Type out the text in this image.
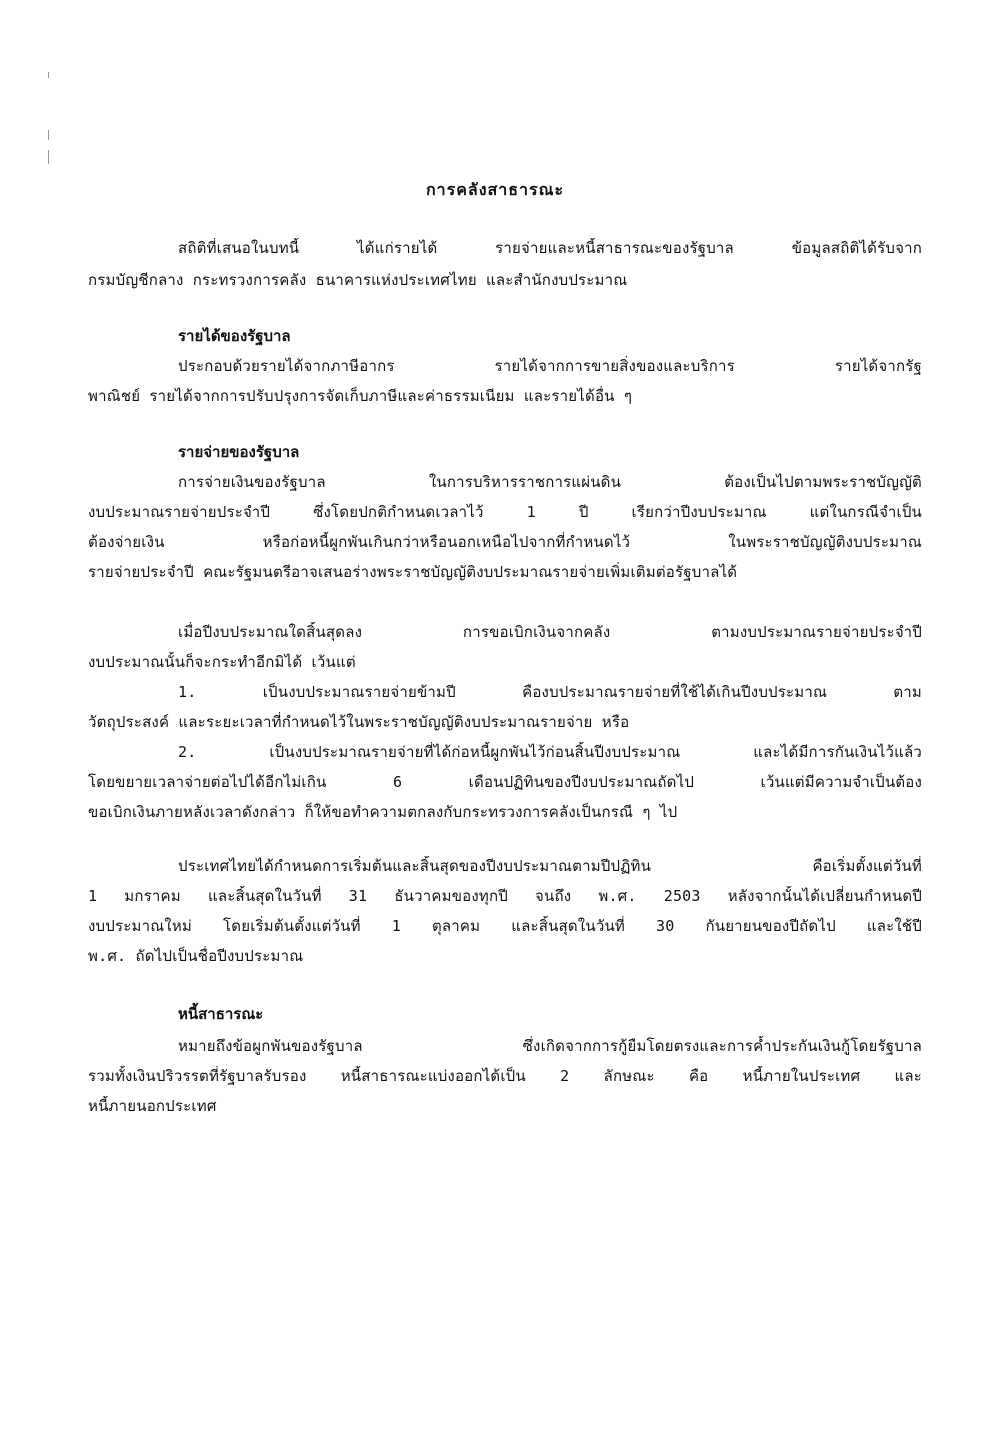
การคลังสาธารณะ
สถิติที่เสนอในบทนี้ ได้แก่รายได้ รายจ่ายและหนี้สาธารณะของรัฐบาล ข้อมูลสถิติได้รับจาก
กรมบัญชีกลาง กระทรวงการคลัง ธนาคารแห่งประเทศไทย และสำนักงบประมาณ
รายได้ของรัฐบาล
ประกอบด้วยรายได้จากภาษีอากร รายได้จากการขายสิ่งของและบริการ รายได้จากรัฐ
พาณิชย์ รายได้จากการปรับปรุงการจัดเก็บภาษีและค่าธรรมเนียม และรายได้อื่น ๆ
รายจ่ายของรัฐบาล
การจ่ายเงินของรัฐบาล ในการบริหารราชการแผ่นดิน ต้องเป็นไปตามพระราชบัญญัติ
งบประมาณรายจ่ายประจำปี ซึ่งโดยปกติกำหนดเวลาไว้ 1 ปี เรียกว่าปีงบประมาณ แต่ในกรณีจำเป็น
ต้องจ่ายเงิน หรือก่อหนี้ผูกพันเกินกว่าหรือนอกเหนือไปจากที่กำหนดไว้ ในพระราชบัญญัติงบประมาณ
รายจ่ายประจำปี คณะรัฐมนตรีอาจเสนอร่างพระราชบัญญัติงบประมาณรายจ่ายเพิ่มเติมต่อรัฐบาลได้
เมื่อปีงบประมาณใดสิ้นสุดลง การขอเบิกเงินจากคลัง ตามงบประมาณรายจ่ายประจำปี
งบประมาณนั้นก็จะกระทำอีกมิได้ เว้นแต่
1. เป็นงบประมาณรายจ่ายข้ามปี คืองบประมาณรายจ่ายที่ใช้ได้เกินปีงบประมาณ ตาม
วัตถุประสงค์ และระยะเวลาที่กำหนดไว้ในพระราชบัญญัติงบประมาณรายจ่าย หรือ
2. เป็นงบประมาณรายจ่ายที่ได้ก่อหนี้ผูกพันไว้ก่อนสิ้นปีงบประมาณ และได้มีการกันเงินไว้แล้ว
โดยขยายเวลาจ่ายต่อไปได้อีกไม่เกิน 6 เดือนปฏิทินของปีงบประมาณถัดไป เว้นแต่มีความจำเป็นต้อง
ขอเบิกเงินภายหลังเวลาดังกล่าว ก็ให้ขอทำความตกลงกับกระทรวงการคลังเป็นกรณี ๆ ไป
ประเทศไทยได้กำหนดการเริ่มต้นและสิ้นสุดของปีงบประมาณตามปีปฏิทิน คือเริ่มตั้งแต่วันที่
1 มกราคม และสิ้นสุดในวันที่ 31 ธันวาคมของทุกปี จนถึง พ.ศ. 2503 หลังจากนั้นได้เปลี่ยนกำหนดปี
งบประมาณใหม่ โดยเริ่มต้นตั้งแต่วันที่ 1 ตุลาคม และสิ้นสุดในวันที่ 30 กันยายนของปีถัดไป และใช้ปี
พ.ศ. ถัดไปเป็นชื่อปีงบประมาณ
หนี้สาธารณะ
หมายถึงข้อผูกพันของรัฐบาล ซึ่งเกิดจากการกู้ยืมโดยตรงและการค้ำประกันเงินกู้โดยรัฐบาล
รวมทั้งเงินปริวรรตที่รัฐบาลรับรอง หนี้สาธารณะแบ่งออกได้เป็น 2 ลักษณะ คือ หนี้ภายในประเทศ และ
หนี้ภายนอกประเทศ
